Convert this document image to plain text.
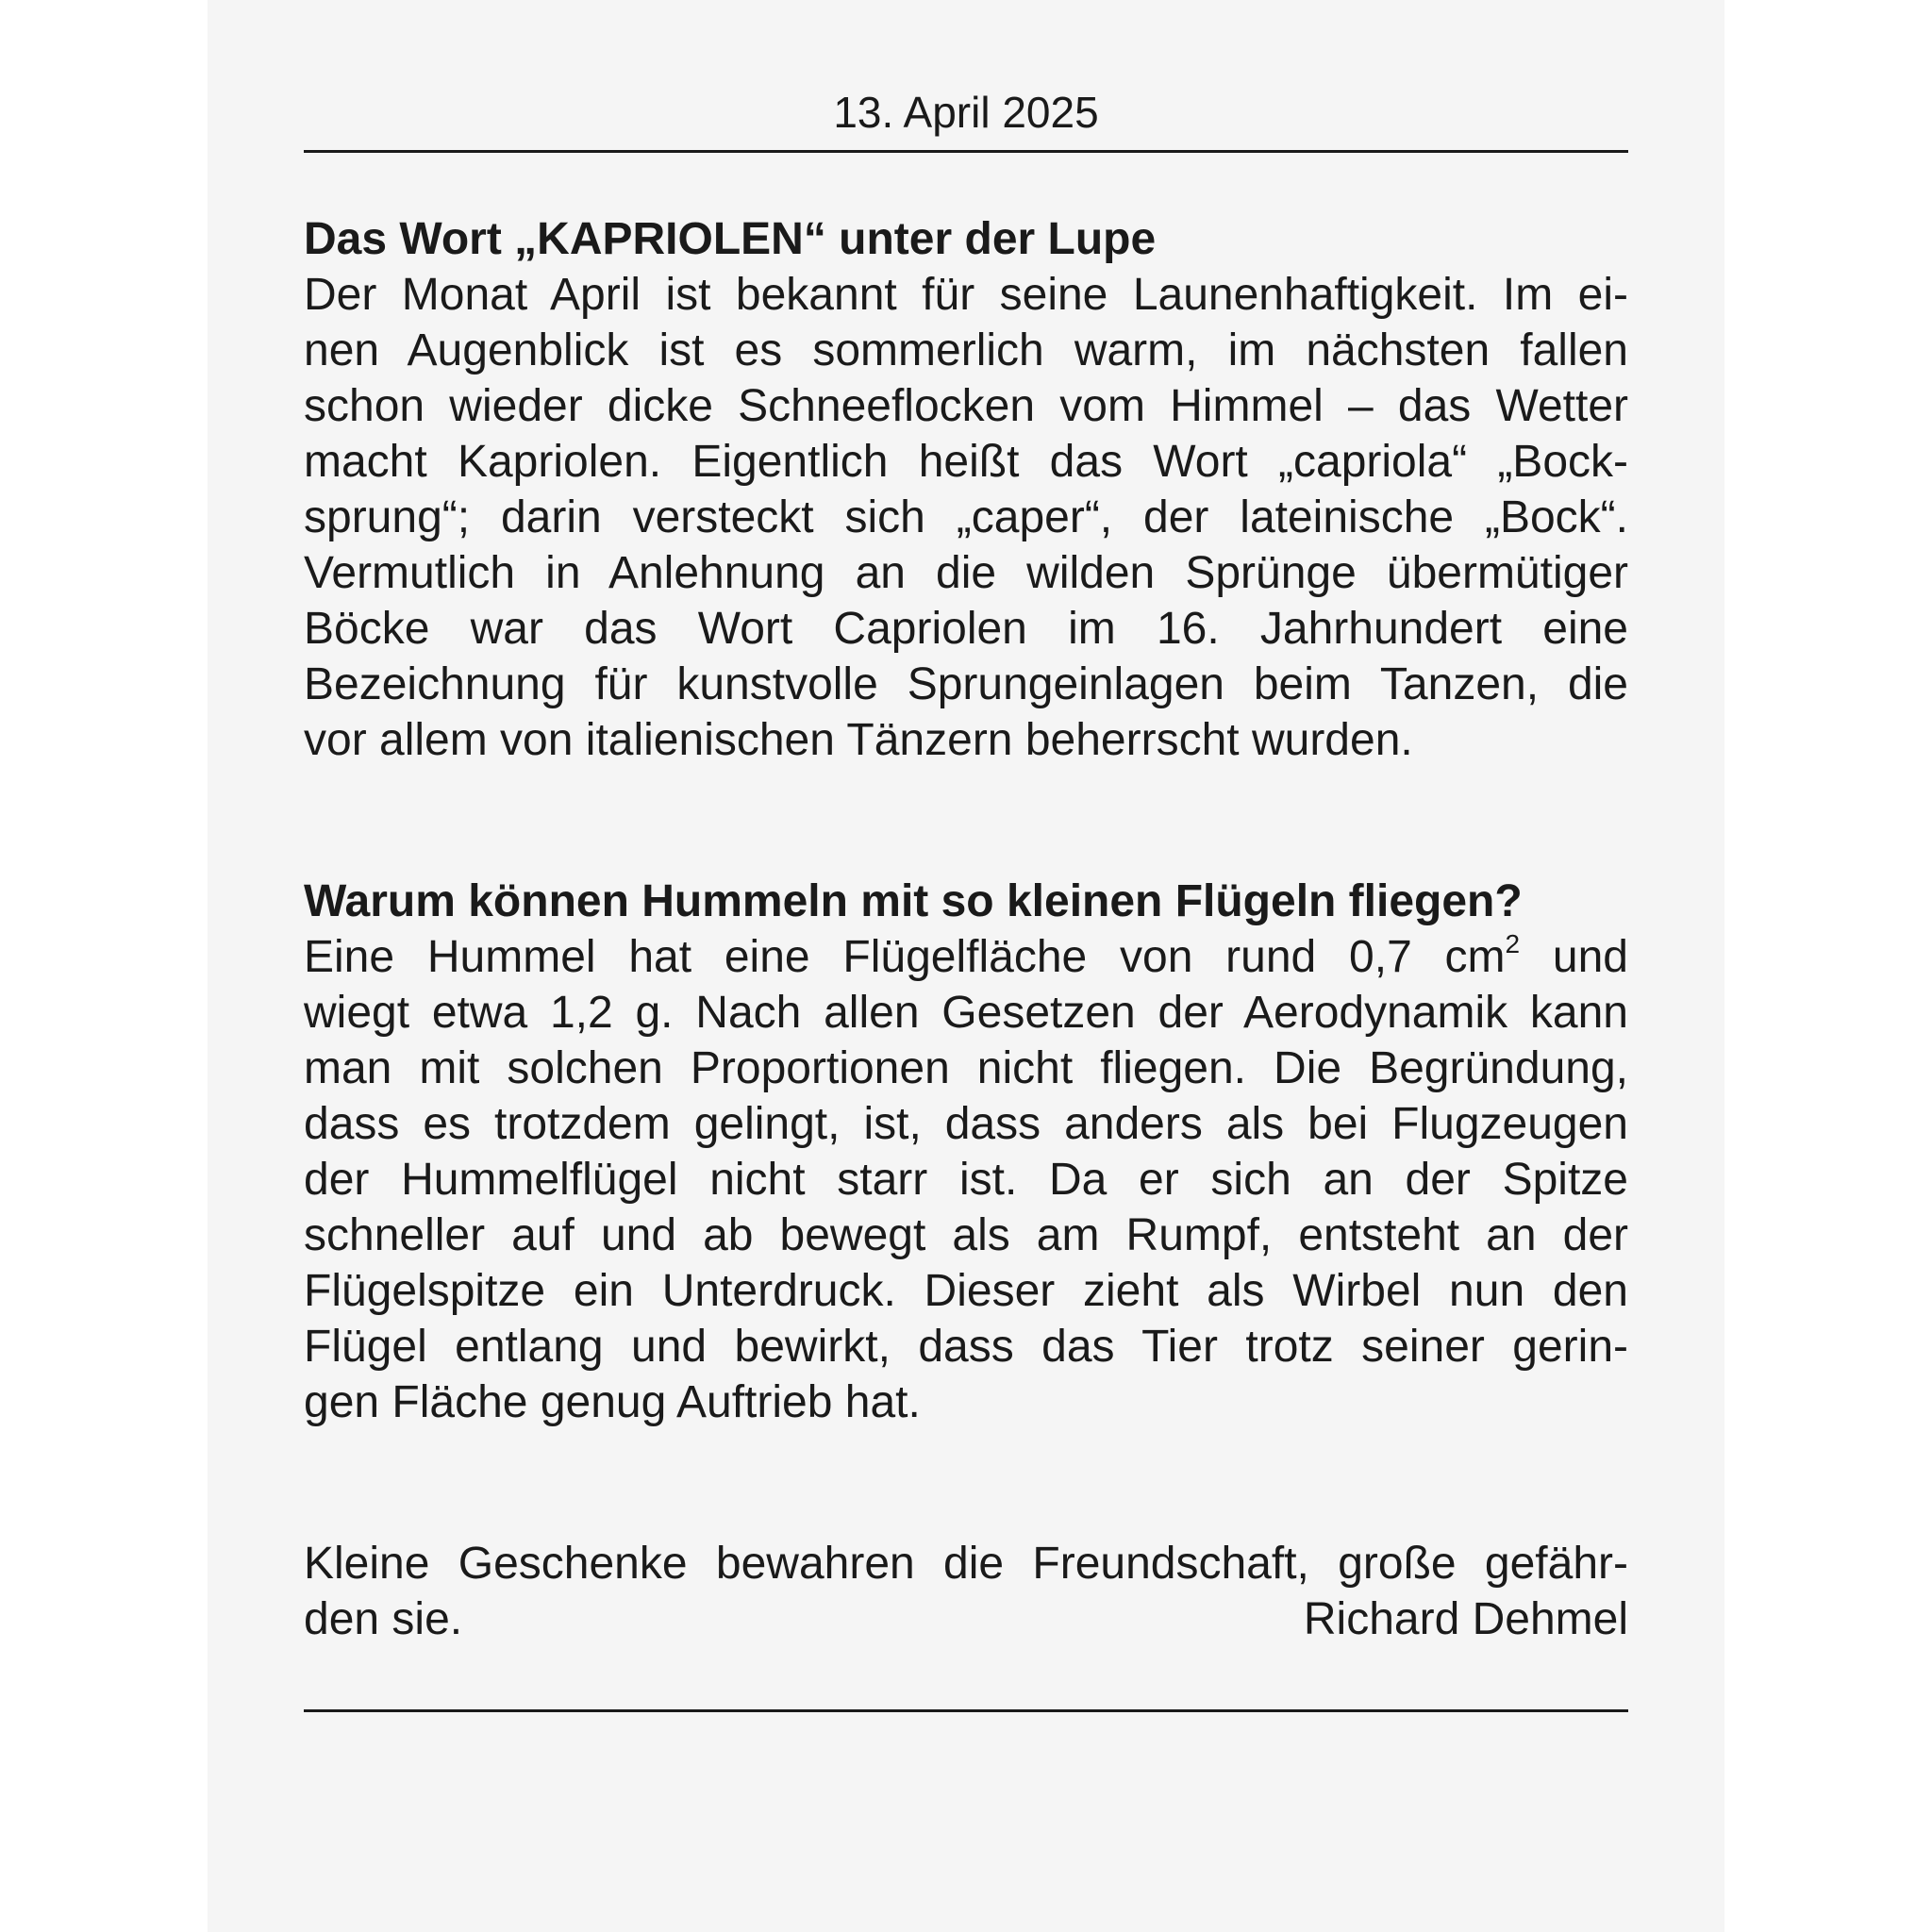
13. April 2025
Das Wort „KAPRIOLEN“ unter der Lupe
Der Monat April ist bekannt für seine Launenhaftigkeit. Im ei-
nen Augenblick ist es sommerlich warm, im nächsten fallen
schon wieder dicke Schneeflocken vom Himmel – das Wetter
macht Kapriolen. Eigentlich heißt das Wort „capriola“ „Bock-
sprung“; darin versteckt sich „caper“, der lateinische „Bock“.
Vermutlich in Anlehnung an die wilden Sprünge übermütiger
Böcke war das Wort Capriolen im 16. Jahrhundert eine
Bezeichnung für kunstvolle Sprungeinlagen beim Tanzen, die
vor allem von italienischen Tänzern beherrscht wurden.
Warum können Hummeln mit so kleinen Flügeln fliegen?
Eine Hummel hat eine Flügelfläche von rund 0,7 $cm^2$ und
wiegt etwa 1,2 g. Nach allen Gesetzen der Aerodynamik kann
man mit solchen Proportionen nicht fliegen. Die Begründung,
dass es trotzdem gelingt, ist, dass anders als bei Flugzeugen
der Hummelflügel nicht starr ist. Da er sich an der Spitze
schneller auf und ab bewegt als am Rumpf, entsteht an der
Flügelspitze ein Unterdruck. Dieser zieht als Wirbel nun den
Flügel entlang und bewirkt, dass das Tier trotz seiner gerin-
gen Fläche genug Auftrieb hat.
Kleine Geschenke bewahren die Freundschaft, große gefähr-
den sie.	Richard Dehmel
